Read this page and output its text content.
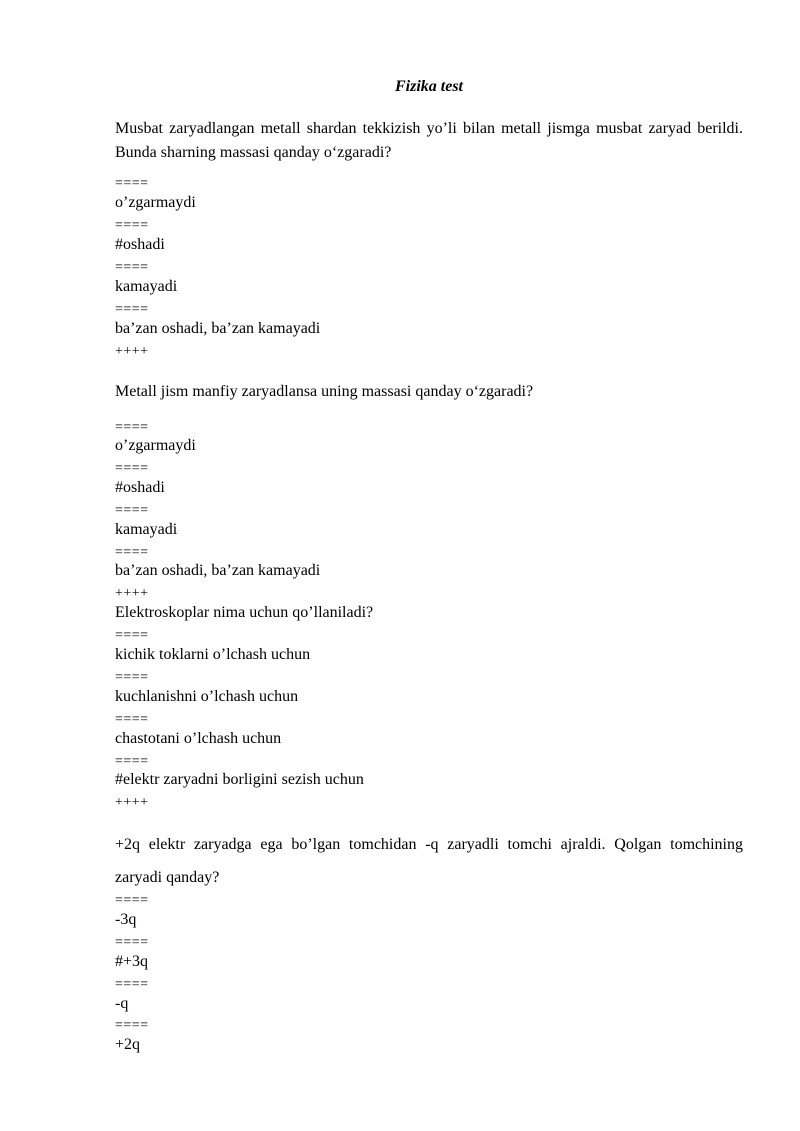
Fizika test
Musbat zaryadlangan metall shardan tekkizish yo’li bilan metall jismga musbat zaryad berildi. Bunda sharning massasi qanday o‘zgaradi?
====
o’zgarmaydi
====
#oshadi
====
kamayadi
====
ba’zan oshadi, ba’zan kamayadi
++++
Metall jism manfiy zaryadlansa uning massasi qanday o‘zgaradi?
====
o’zgarmaydi
====
#oshadi
====
kamayadi
====
ba’zan oshadi, ba’zan kamayadi
++++
Elektroskoplar nima uchun qo’llaniladi?
====
kichik toklarni o’lchash uchun
====
kuchlanishni o’lchash uchun
====
chastotani o’lchash uchun
====
#elektr zaryadni borligini sezish uchun
++++
+2q elektr zaryadga ega bo’lgan tomchidan -q zaryadli tomchi ajraldi. Qolgan tomchining
zaryadi qanday?
====
-3q
====
#+3q
====
-q
====
+2q
